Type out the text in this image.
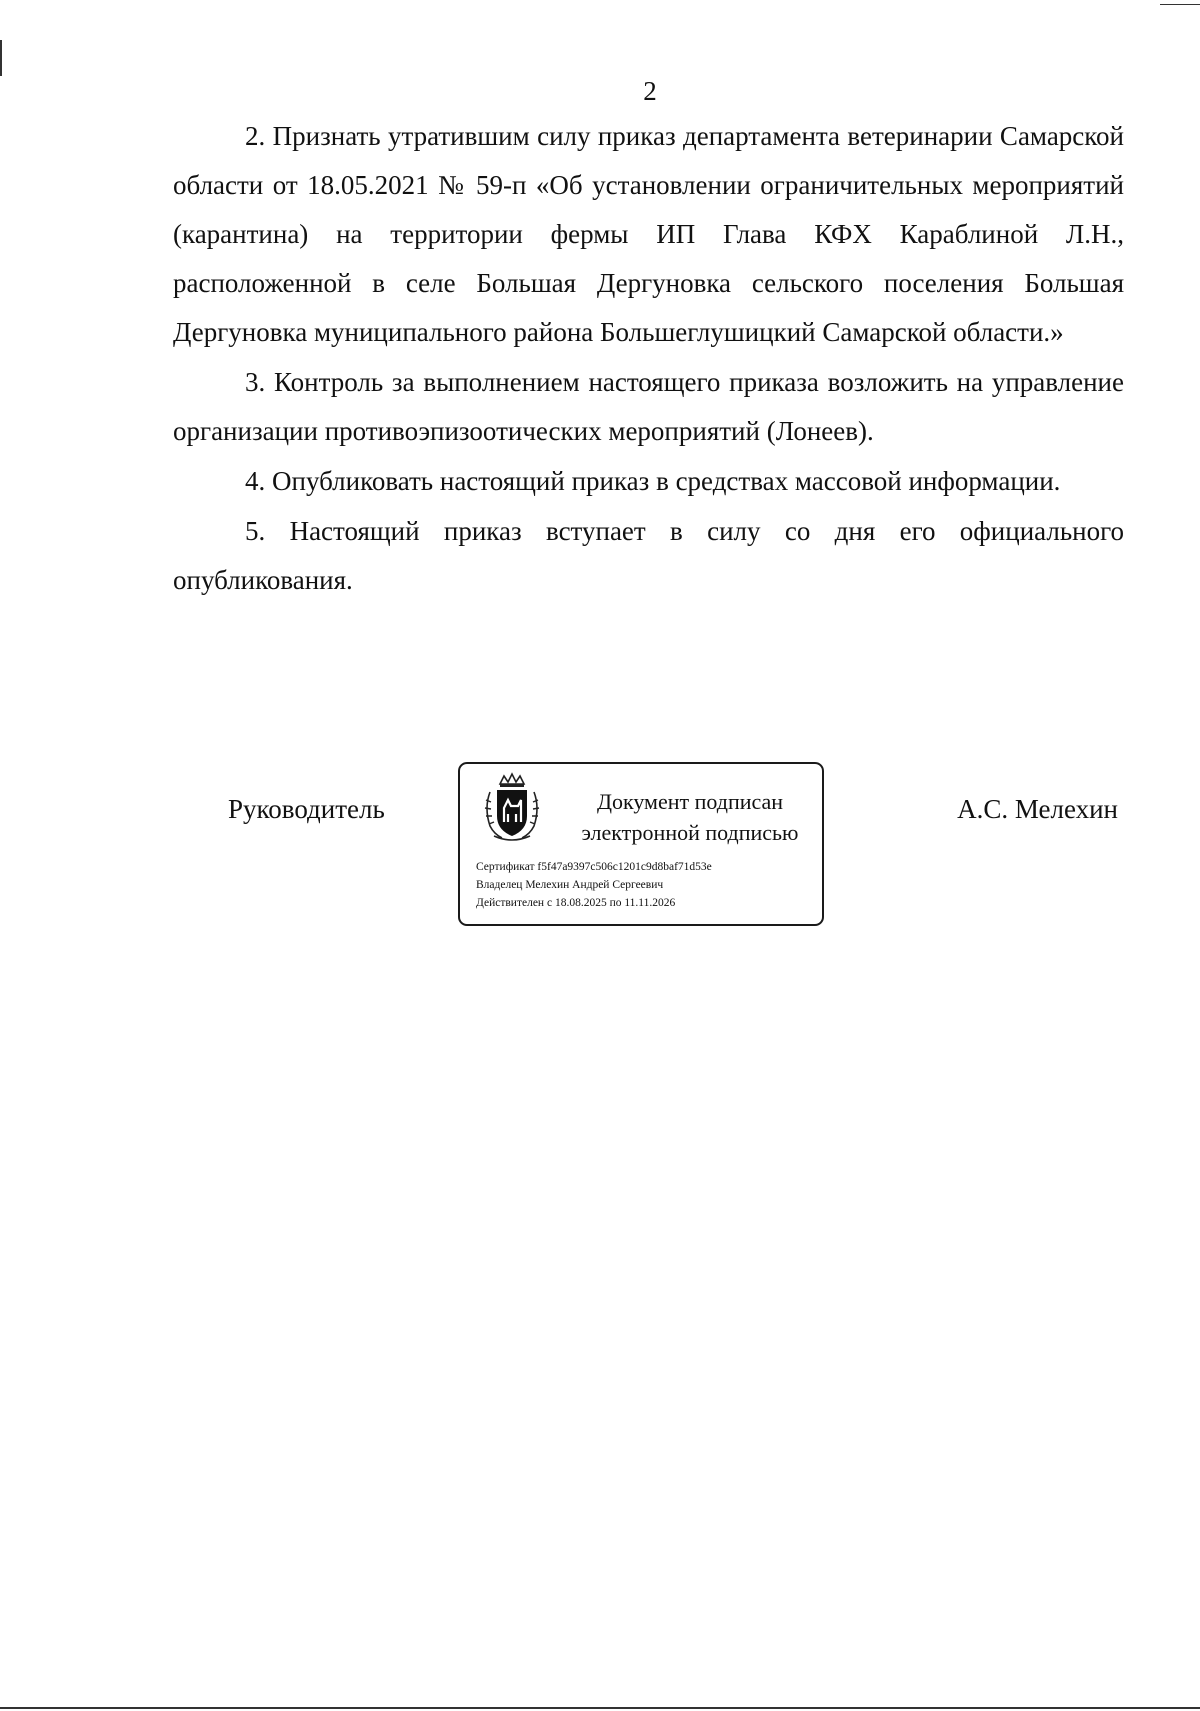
2

2. Признать утратившим силу приказ департамента ветеринарии Самарской области от 18.05.2021 № 59-п «Об установлении ограничительных мероприятий (карантина) на территории фермы ИП Глава КФХ Караблиной Л.Н., расположенной в селе Большая Дергуновка сельского поселения Большая Дергуновка муниципального района Большеглушицкий Самарской области.»

3. Контроль за выполнением настоящего приказа возложить на управление организации противоэпизоотических мероприятий (Лонеев).

4. Опубликовать настоящий приказ в средствах массовой информации.

5. Настоящий приказ вступает в силу со дня его официального опубликования.

Руководитель	Документ подписан
электронной подписью
Сертификат f5f47a9397c506c1201c9d8baf71d53e
Владелец Мелехин Андрей Сергеевич
Действителен с 18.08.2025 по 11.11.2026
А.С. Мелехин
